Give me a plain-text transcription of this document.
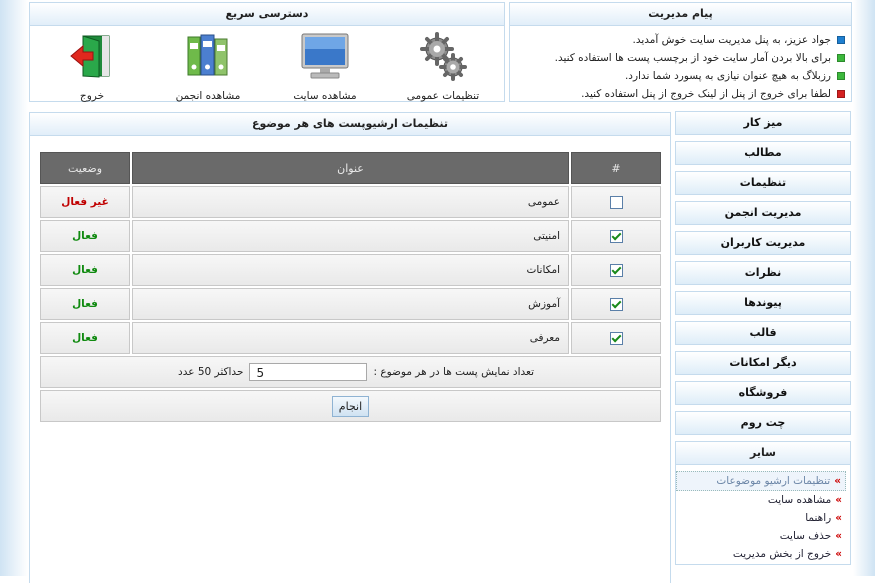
پیام مدیریت
جواد عزیز، به پنل مدیریت سایت خوش آمدید.
برای بالا بردن آمار سایت خود از برچسب پست ها استفاده کنید.
رزبلاگ به هیچ عنوان نیازی به پسورد شما ندارد.
لطفا برای خروج از پنل از لینک خروج از پنل استفاده کنید.
دسترسی سریع
تنظیمات عمومی
مشاهده سایت
مشاهده انجمن
خروج
میز کار
مطالب
تنظیمات
مدیریت انجمن
مدیریت کاربران
نظرات
پیوندها
قالب
دیگر امکانات
فروشگاه
چت روم
سایر
»تنظیمات ارشیو موضوعات
»مشاهده سایت
»راهنما
»حذف سایت
»خروج از بخش مدیریت
تنظیمات ارشیوپست های هر موضوع
#	عنوان	وضعیت
	عمومی	غیر فعال
	امنیتی	فعال
	امکانات	فعال
	آموزش	فعال
	معرفی	فعال
تعداد نمایش پست ها در هر موضوع :5حداکثر 50 عدد		
انجام		
